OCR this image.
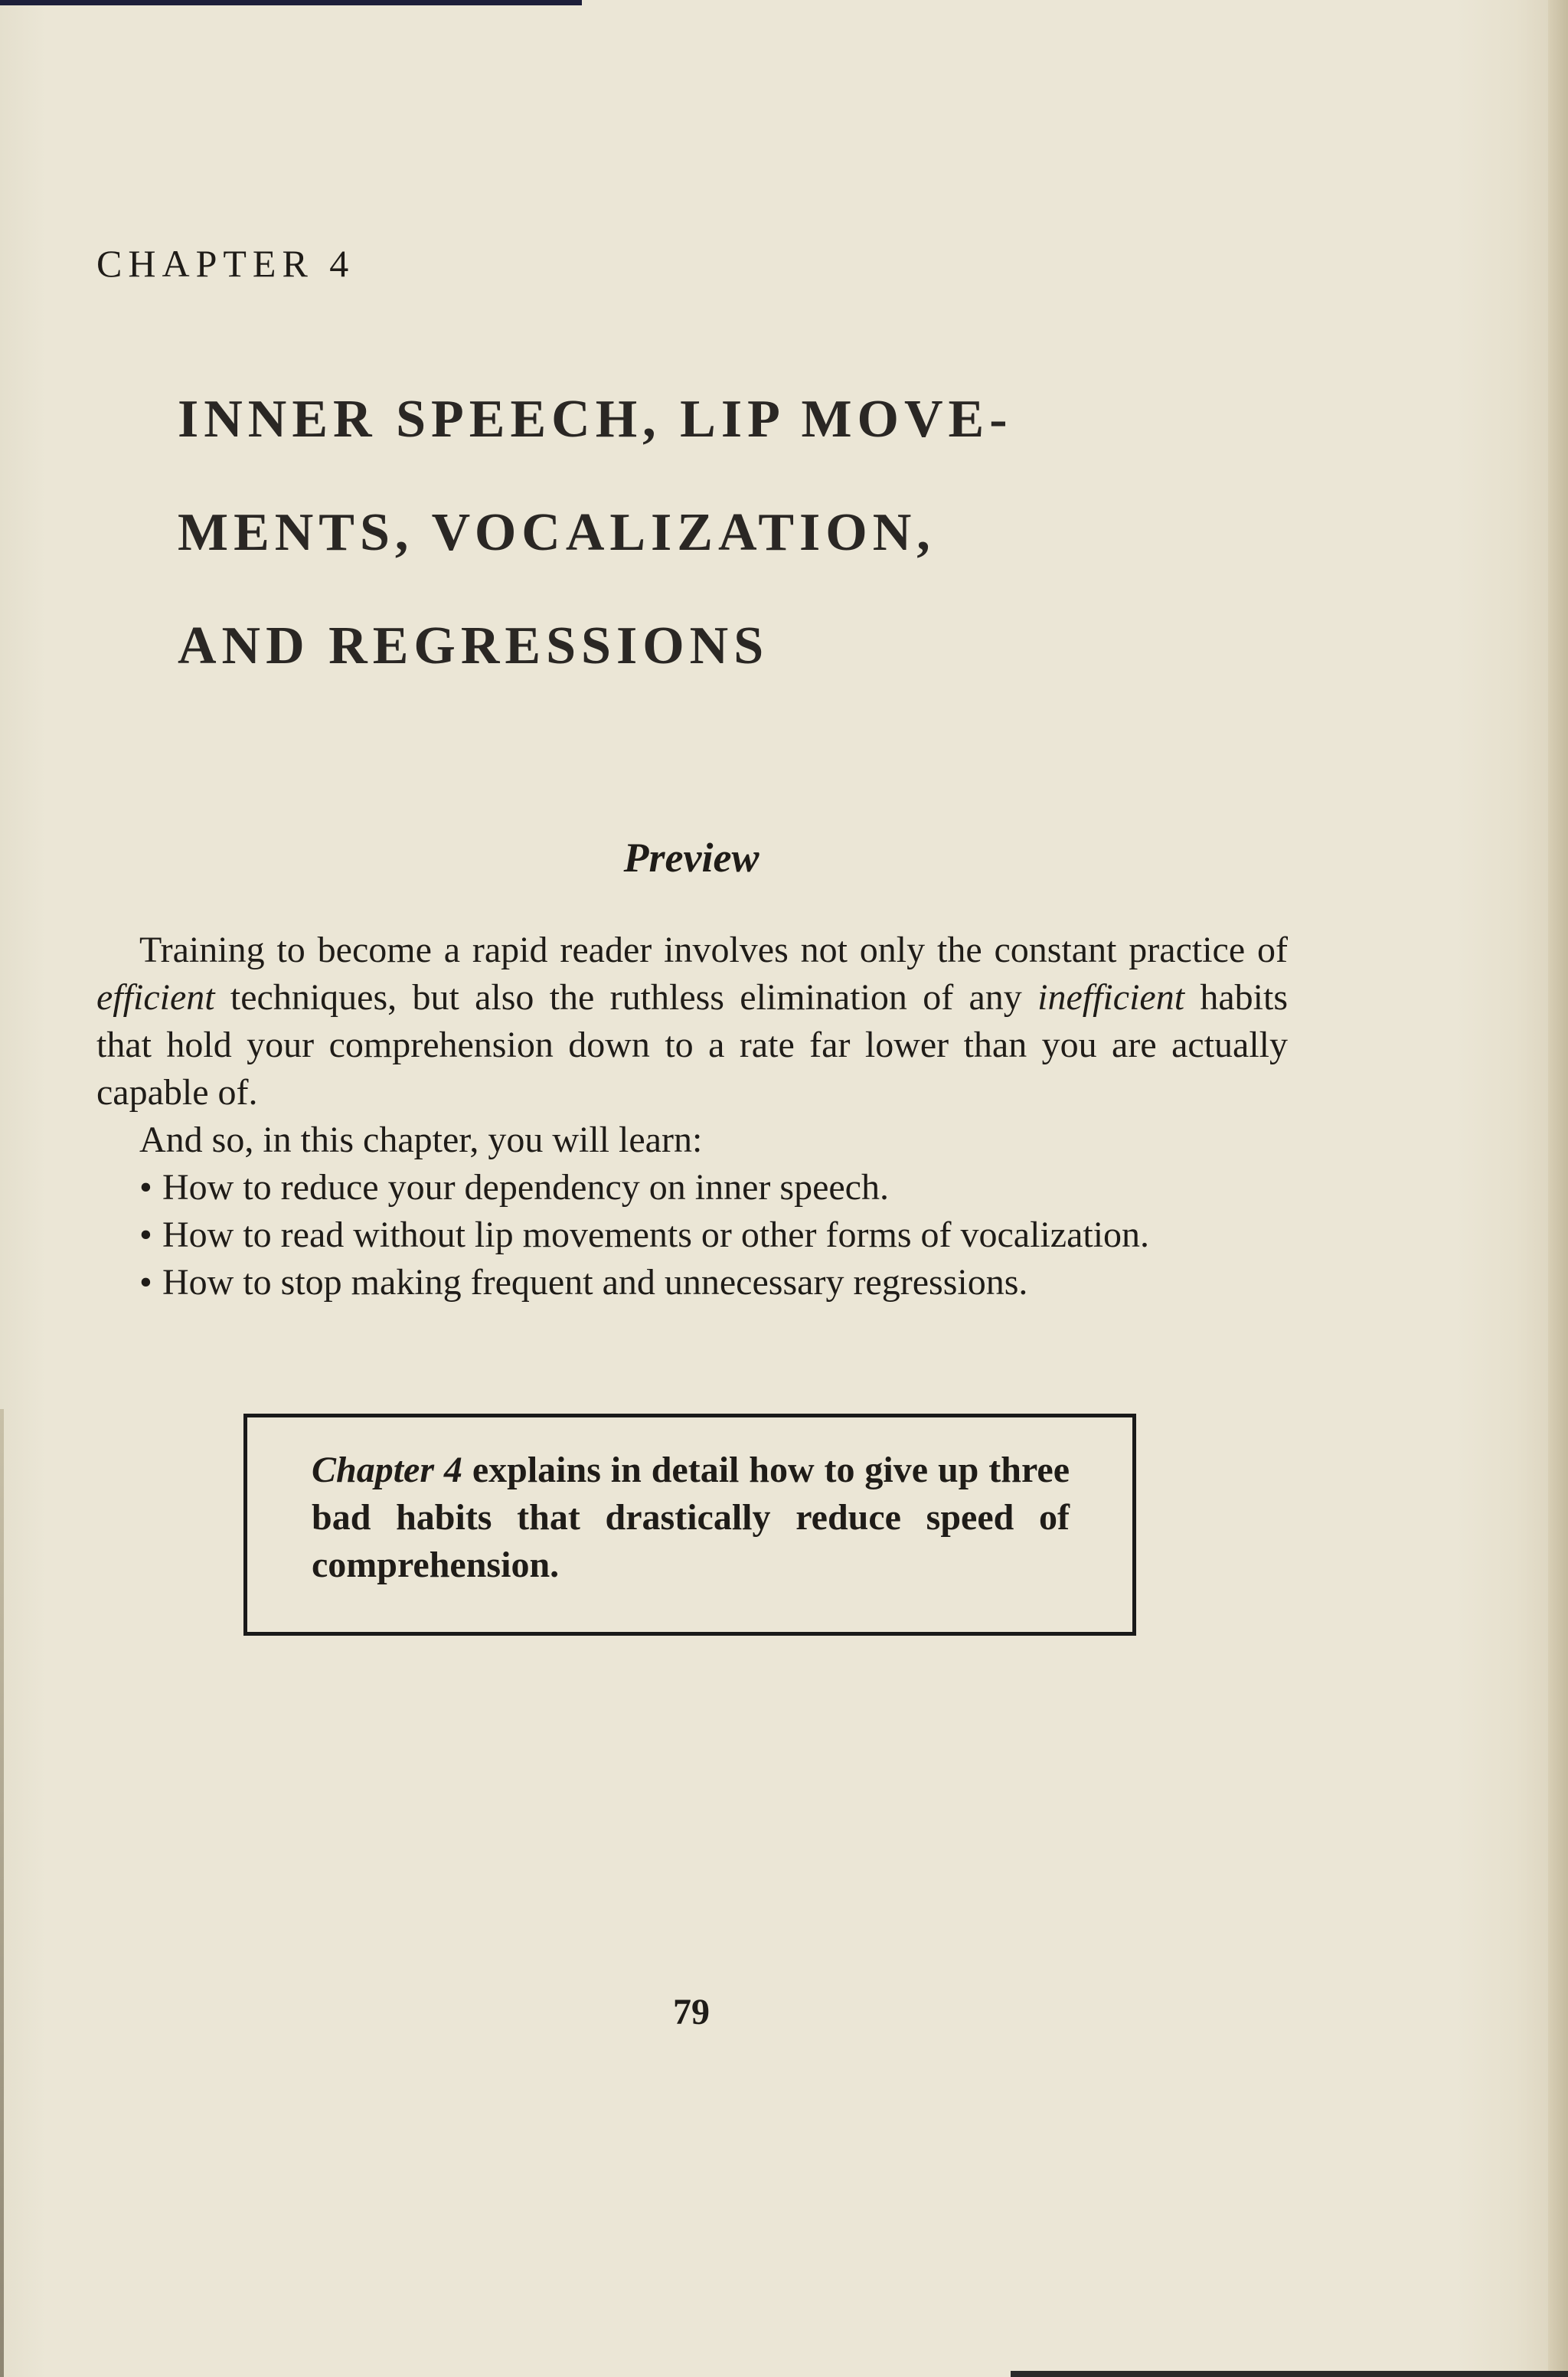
CHAPTER 4
INNER SPEECH, LIP MOVE-
MENTS, VOCALIZATION,
AND REGRESSIONS
Preview

Training to become a rapid reader involves not only the constant practice of efficient techniques, but also the ruthless elimination of any inefficient habits that hold your comprehension down to a rate far lower than you are actually capable of.

And so, in this chapter, you will learn:

• How to reduce your dependency on inner speech.
• How to read without lip movements or other forms of vocalization.
• How to stop making frequent and unnecessary regressions.

Chapter 4 explains in detail how to give up three bad habits that drastically reduce speed of comprehension.

79
